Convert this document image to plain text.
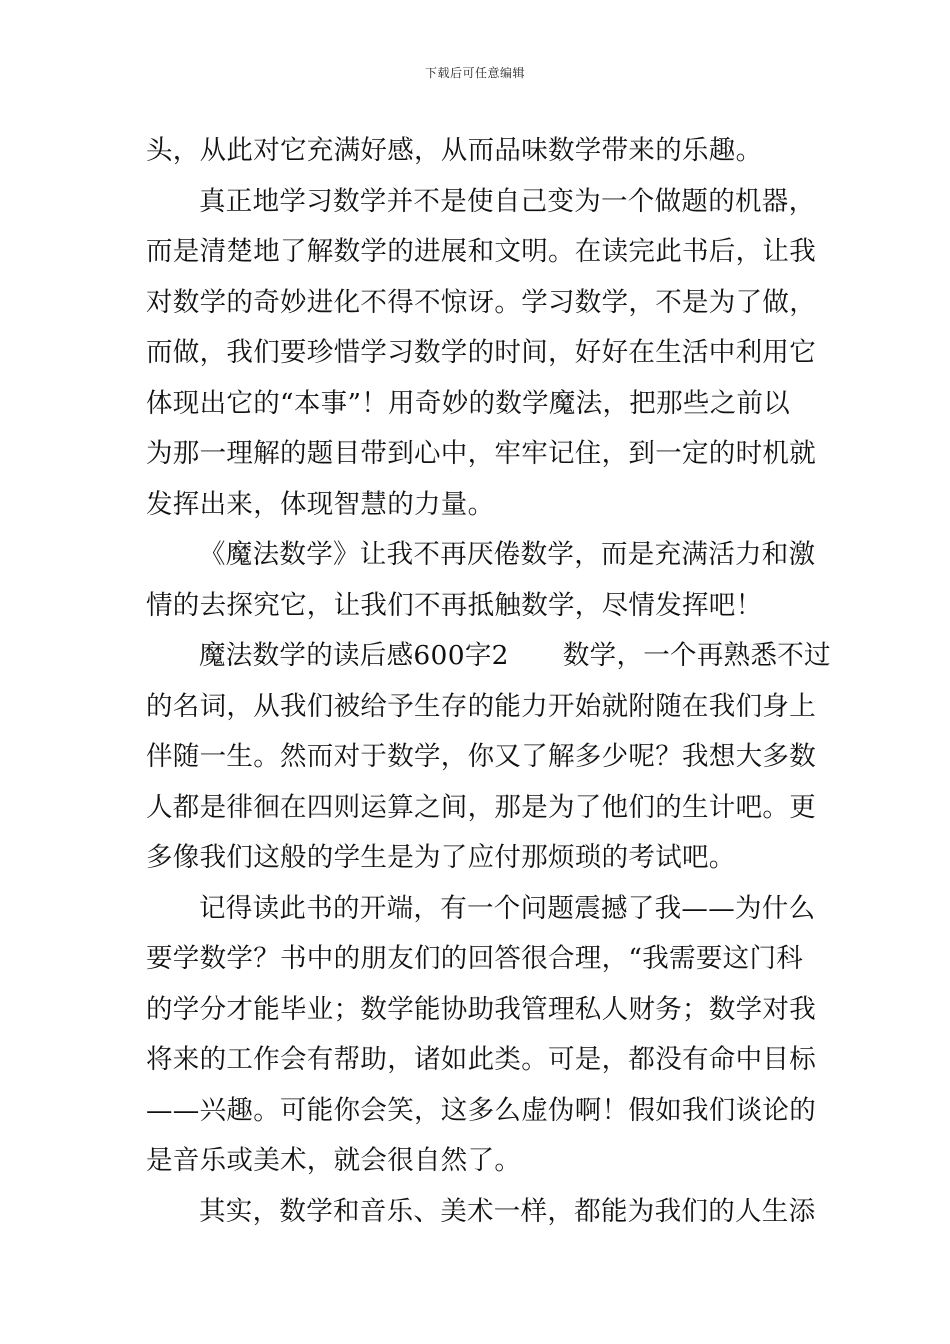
下载后可任意编辑
头，从此对它充满好感，从而品味数学带来的乐趣。
真正地学习数学并不是使自己变为一个做题的机器，
而是清楚地了解数学的进展和文明。在读完此书后，让我
对数学的奇妙进化不得不惊讶。学习数学，不是为了做，
而做，我们要珍惜学习数学的时间，好好在生活中利用它
体现出它的“本事”！用奇妙的数学魔法，把那些之前以
为那一理解的题目带到心中，牢牢记住，到一定的时机就
发挥出来，体现智慧的力量。
《魔法数学》让我不再厌倦数学，而是充满活力和激
情的去探究它，让我们不再抵触数学，尽情发挥吧！
魔法数学的读后感600字2 数学，一个再熟悉不过
的名词，从我们被给予生存的能力开始就附随在我们身上
伴随一生。然而对于数学，你又了解多少呢？我想大多数
人都是徘徊在四则运算之间，那是为了他们的生计吧。更
多像我们这般的学生是为了应付那烦琐的考试吧。
记得读此书的开端，有一个问题震撼了我——为什么
要学数学？书中的朋友们的回答很合理，“我需要这门科
的学分才能毕业；数学能协助我管理私人财务；数学对我
将来的工作会有帮助，诸如此类。可是，都没有命中目标
——兴趣。可能你会笑，这多么虚伪啊！假如我们谈论的
是音乐或美术，就会很自然了。
其实，数学和音乐、美术一样，都能为我们的人生添
